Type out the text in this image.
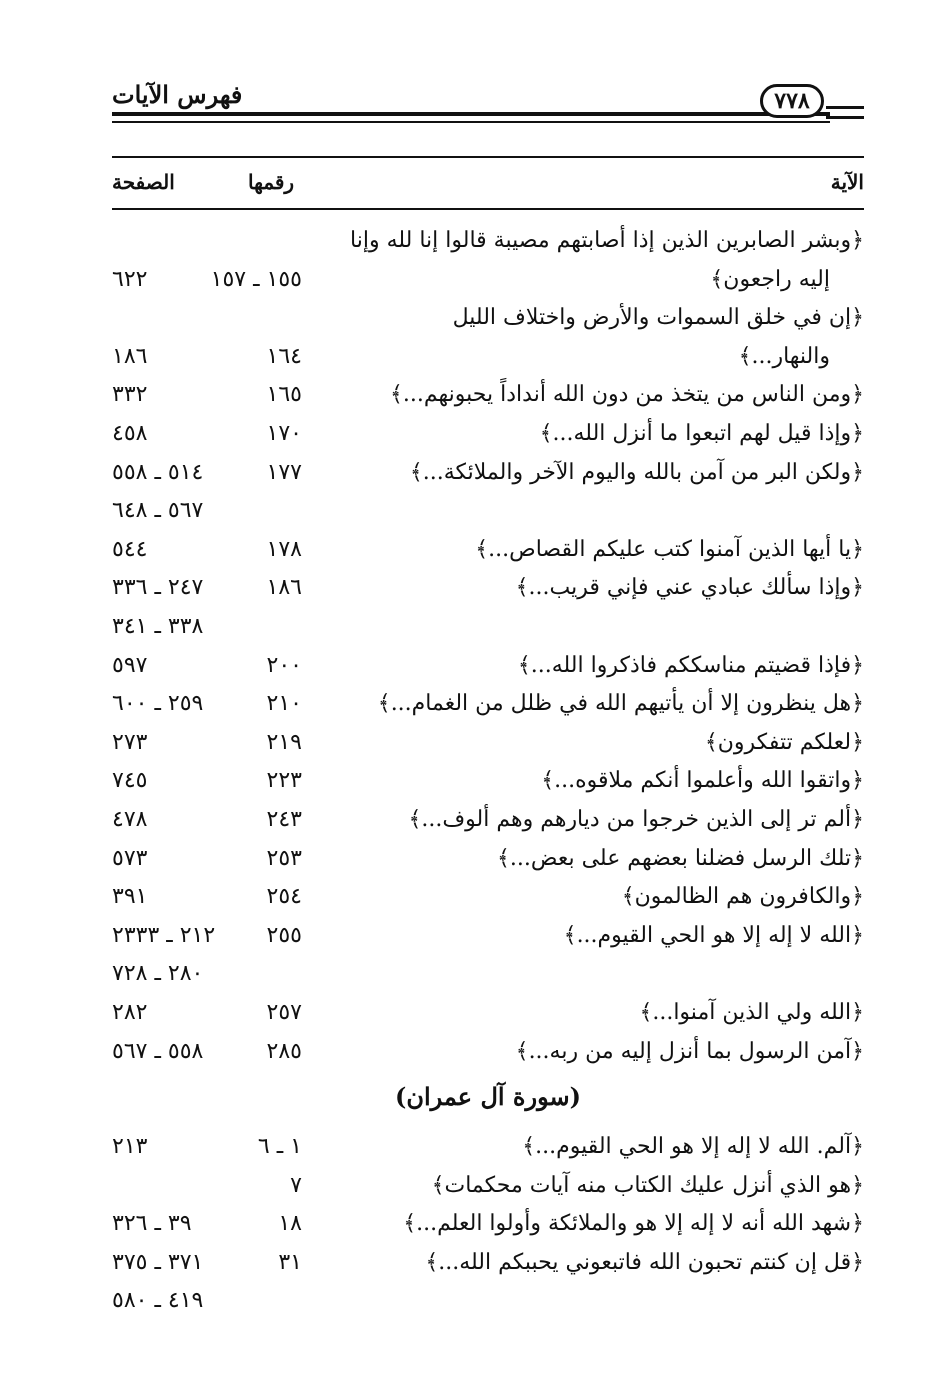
فهرس الآيات	٧٧٨
الآية
رقمها
الصفحة
﴿وبشر الصابرين الذين إذا أصابتهم مصيبة قالوا إنا لله وإنا
إليه راجعون﴾
١٥٥ ـ ١٥٧
٦٢٢
﴿إن في خلق السموات والأرض واختلاف الليل
والنهار...﴾
١٦٤
١٨٦
﴿ومن الناس من يتخذ من دون الله أنداداً يحبونهم...﴾
١٦٥
٣٣٢
﴿وإذا قيل لهم اتبعوا ما أنزل الله...﴾
١٧٠
٤٥٨
﴿ولكن البر من آمن بالله واليوم الآخر والملائكة...﴾
١٧٧
٥١٤ ـ ٥٥٨
٥٦٧ ـ ٦٤٨
﴿يا أيها الذين آمنوا كتب عليكم القصاص...﴾
١٧٨
٥٤٤
﴿وإذا سألك عبادي عني فإني قريب...﴾
١٨٦
٢٤٧ ـ ٣٣٦
٣٣٨ ـ ٣٤١
﴿فإذا قضيتم مناسككم فاذكروا الله...﴾
٢٠٠
٥٩٧
﴿هل ينظرون إلا أن يأتيهم الله في ظلل من الغمام...﴾
٢١٠
٢٥٩ ـ ٦٠٠
﴿لعلكم تتفكرون﴾
٢١٩
٢٧٣
﴿واتقوا الله وأعلموا أنكم ملاقوه...﴾
٢٢٣
٧٤٥
﴿ألم تر إلى الذين خرجوا من ديارهم وهم ألوف...﴾
٢٤٣
٤٧٨
﴿تلك الرسل فضلنا بعضهم على بعض...﴾
٢٥٣
٥٧٣
﴿والكافرون هم الظالمون﴾
٢٥٤
٣٩١
﴿الله لا إله إلا هو الحي القيوم...﴾
٢٥٥
٢١٢ ـ ٢٣٣٣
٢٨٠ ـ ٧٢٨
﴿الله ولي الذين آمنوا...﴾
٢٥٧
٢٨٢
﴿آمن الرسول بما أنزل إليه من ربه...﴾
٢٨٥
٥٥٨ ـ ٥٦٧
(سورة آل عمران)
﴿آلم. الله لا إله إلا هو الحي القيوم...﴾
١ ـ ٦
٢١٣
﴿هو الذي أنزل عليك الكتاب منه آيات محكمات﴾
٧
﴿شهد الله أنه لا إله إلا هو والملائكة وأولوا العلم...﴾
١٨
٣٩ ـ ٣٢٦
﴿قل إن كنتم تحبون الله فاتبعوني يحببكم الله...﴾
٣١
٣٧١ ـ ٣٧٥
٤١٩ ـ ٥٨٠
